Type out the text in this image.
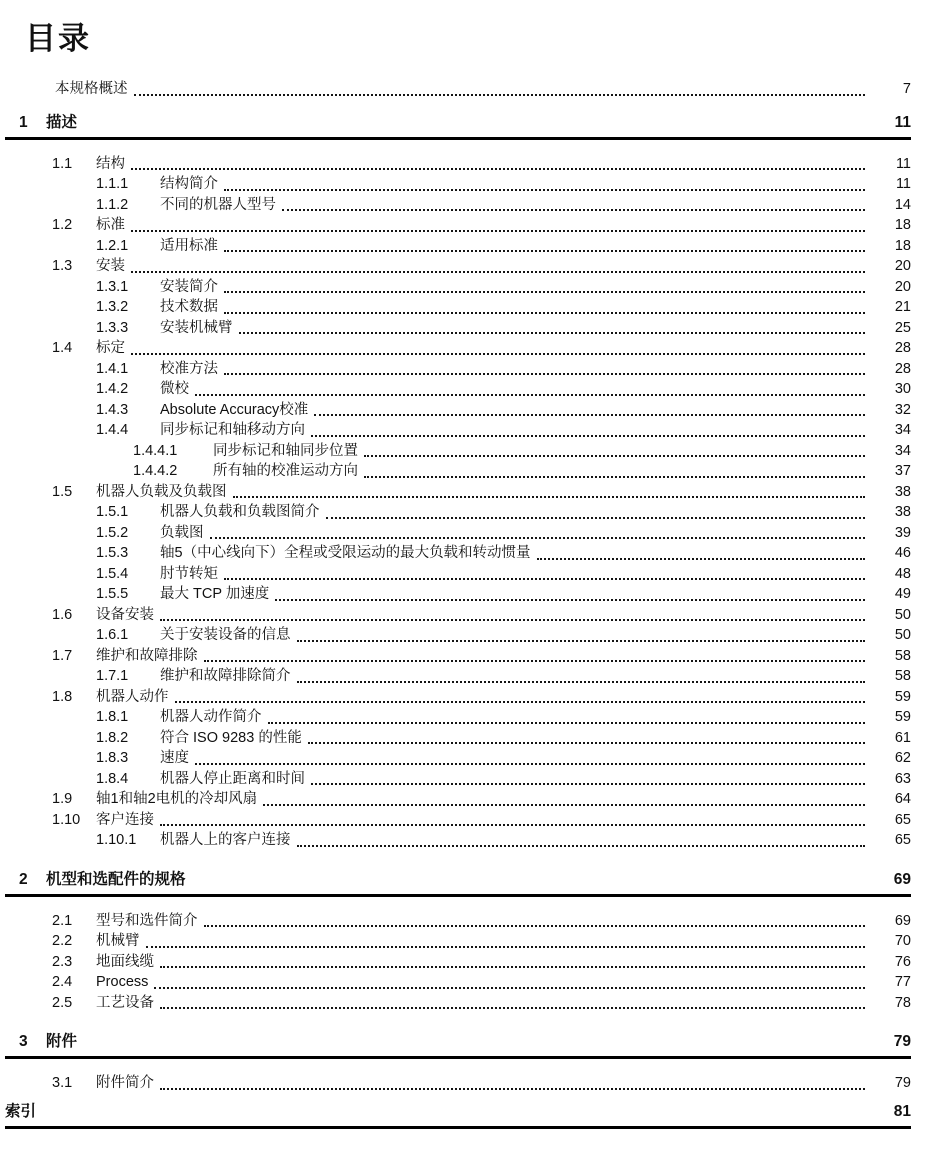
目录
本规格概述	7
1	描述	11
1.1	结构	11
1.1.1	结构简介	11
1.1.2	不同的机器人型号	14
1.2	标准	18
1.2.1	适用标准	18
1.3	安装	20
1.3.1	安装简介	20
1.3.2	技术数据	21
1.3.3	安装机械臂	25
1.4	标定	28
1.4.1	校准方法	28
1.4.2	微校	30
1.4.3	Absolute Accuracy校准	32
1.4.4	同步标记和轴移动方向	34
1.4.4.1	同步标记和轴同步位置	34
1.4.4.2	所有轴的校准运动方向	37
1.5	机器人负载及负载图	38
1.5.1	机器人负载和负载图简介	38
1.5.2	负载图	39
1.5.3	轴5（中心线向下）全程或受限运动的最大负载和转动惯量	46
1.5.4	肘节转矩	48
1.5.5	最大 TCP 加速度	49
1.6	设备安装	50
1.6.1	关于安装设备的信息	50
1.7	维护和故障排除	58
1.7.1	维护和故障排除简介	58
1.8	机器人动作	59
1.8.1	机器人动作简介	59
1.8.2	符合 ISO 9283 的性能	61
1.8.3	速度	62
1.8.4	机器人停止距离和时间	63
1.9	轴1和轴2电机的冷却风扇	64
1.10	客户连接	65
1.10.1	机器人上的客户连接	65
2	机型和选配件的规格	69
2.1	型号和选件简介	69
2.2	机械臂	70
2.3	地面线缆	76
2.4	Process	77
2.5	工艺设备	78
3	附件	79
3.1	附件简介	79
索引	81
